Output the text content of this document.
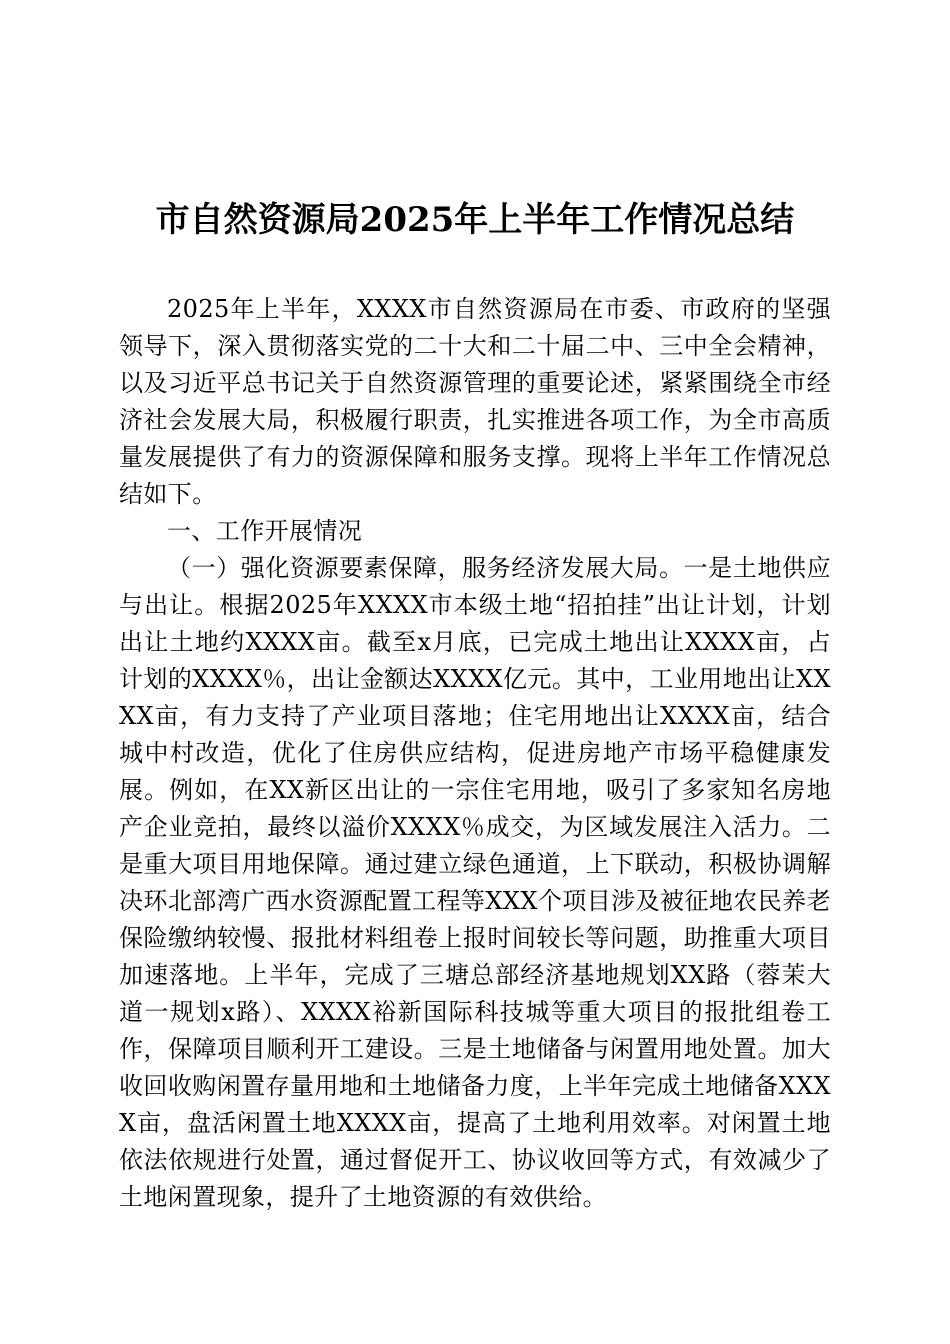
市自然资源局2025年上半年工作情况总结

2025年上半年，XXXX市自然资源局在市委、市政府的坚强领导下，深入贯彻落实党的二十大和二十届二中、三中全会精神，以及习近平总书记关于自然资源管理的重要论述，紧紧围绕全市经济社会发展大局，积极履行职责，扎实推进各项工作，为全市高质量发展提供了有力的资源保障和服务支撑。现将上半年工作情况总结如下。

一、工作开展情况

（一）强化资源要素保障，服务经济发展大局。一是土地供应与出让。根据2025年XXXX市本级土地“招拍挂”出让计划，计划出让土地约XXXX亩。截至x月底，已完成土地出让XXXX亩，占计划的XXXX％，出让金额达XXXX亿元。其中，工业用地出让XXXX亩，有力支持了产业项目落地；住宅用地出让XXXX亩，结合城中村改造，优化了住房供应结构，促进房地产市场平稳健康发展。例如，在XX新区出让的一宗住宅用地，吸引了多家知名房地产企业竞拍，最终以溢价XXXX％成交，为区域发展注入活力。二是重大项目用地保障。通过建立绿色通道，上下联动，积极协调解决环北部湾广西水资源配置工程等XXX个项目涉及被征地农民养老保险缴纳较慢、报批材料组卷上报时间较长等问题，助推重大项目加速落地。上半年，完成了三塘总部经济基地规划XX路（蓉茉大道一规划x路）、XXXX裕新国际科技城等重大项目的报批组卷工作，保障项目顺利开工建设。三是土地储备与闲置用地处置。加大收回收购闲置存量用地和土地储备力度，上半年完成土地储备XXXX亩，盘活闲置土地XXXX亩，提高了土地利用效率。对闲置土地依法依规进行处置，通过督促开工、协议收回等方式，有效减少了土地闲置现象，提升了土地资源的有效供给。
